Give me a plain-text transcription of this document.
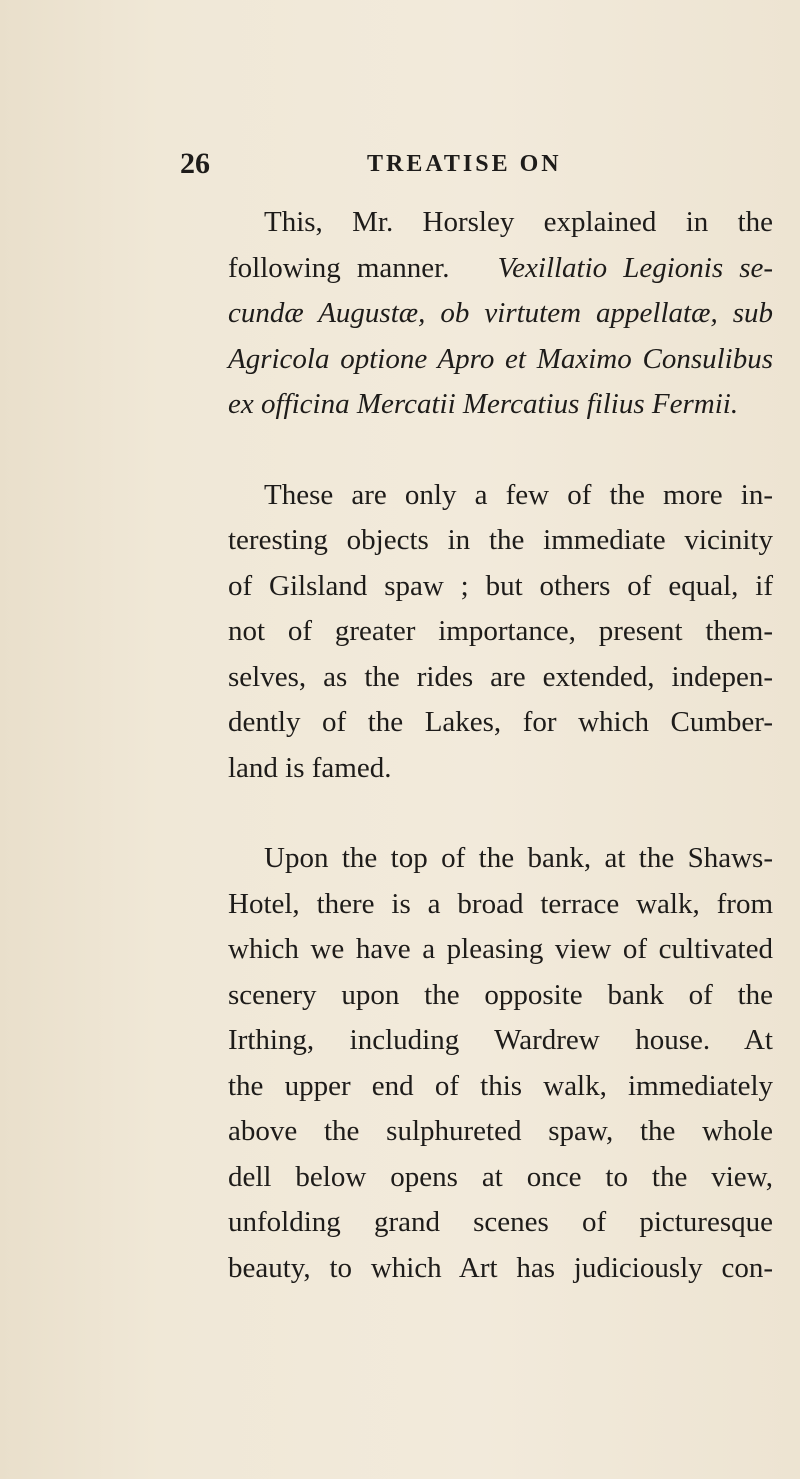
26	TREATISE ON
This, Mr. Horsley explained in the
following manner. Vexillatio Legionis se-
cundæ Augustæ, ob virtutem appellatæ, sub
Agricola optione Apro et Maximo Consulibus
ex officina Mercatii Mercatius filius Fermii.
These are only a few of the more in-
teresting objects in the immediate vicinity
of Gilsland spaw ; but others of equal, if
not of greater importance, present them-
selves, as the rides are extended, indepen-
dently of the Lakes, for which Cumber-
land is famed.
Upon the top of the bank, at the Shaws-
Hotel, there is a broad terrace walk, from
which we have a pleasing view of cultivated
scenery upon the opposite bank of the
Irthing, including Wardrew house. At
the upper end of this walk, immediately
above the sulphureted spaw, the whole
dell below opens at once to the view,
unfolding grand scenes of picturesque
beauty, to which Art has judiciously con-
